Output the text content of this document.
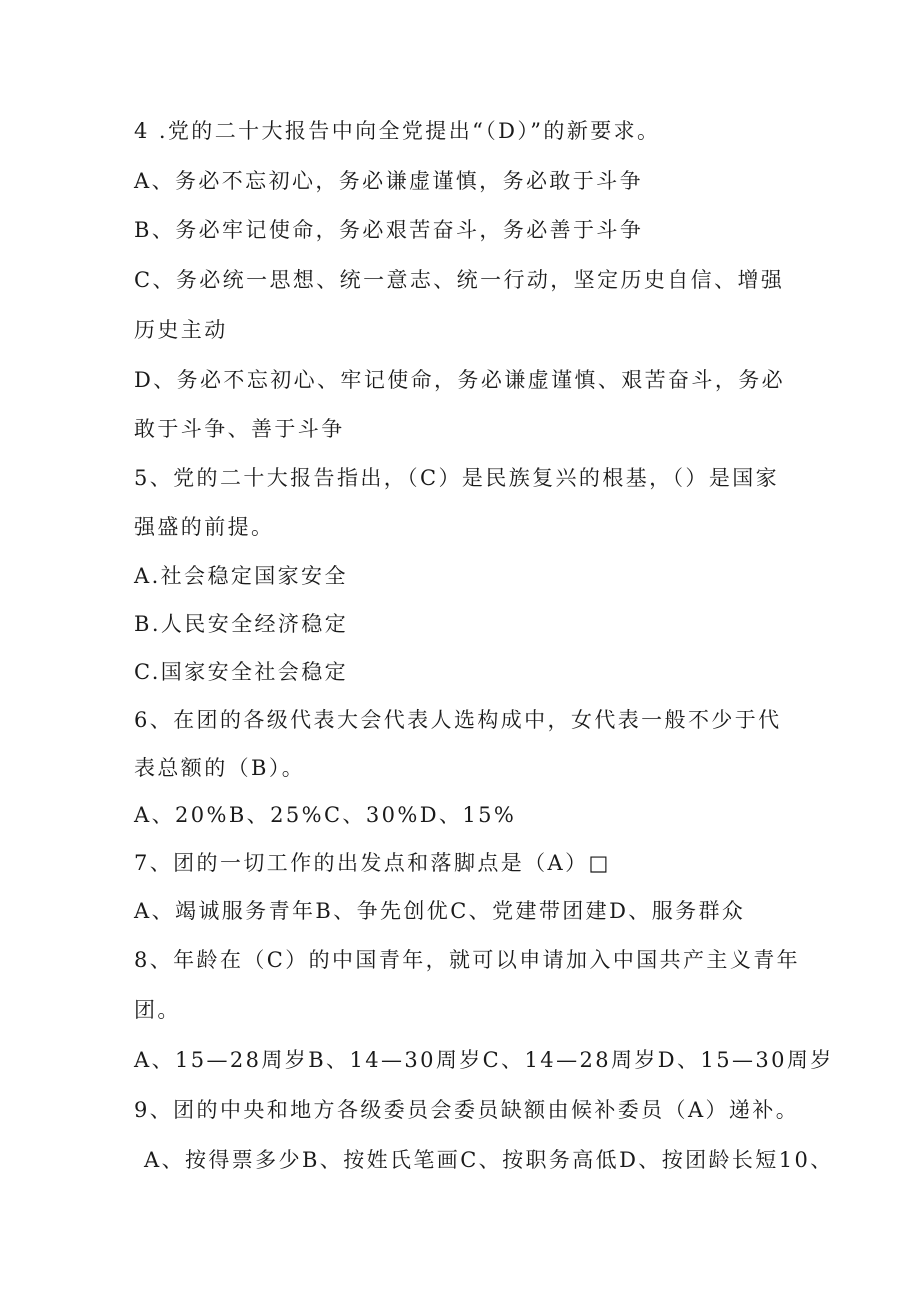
4 .党的二十大报告中向全党提出“（D）”的新要求。
A、务必不忘初心，务必谦虚谨慎，务必敢于斗争
B、务必牢记使命，务必艰苦奋斗，务必善于斗争
C、务必统一思想、统一意志、统一行动，坚定历史自信、增强
历史主动
D、务必不忘初心、牢记使命，务必谦虚谨慎、艰苦奋斗，务必
敢于斗争、善于斗争
5、党的二十大报告指出，（C）是民族复兴的根基，（）是国家
强盛的前提。
A.社会稳定国家安全
B.人民安全经济稳定
C.国家安全社会稳定
6、在团的各级代表大会代表人选构成中，女代表一般不少于代
表总额的（B）。
A、20%B、25%C、30%D、15%
7、团的一切工作的出发点和落脚点是（A）□
A、竭诚服务青年B、争先创优C、党建带团建D、服务群众
8、年龄在（C）的中国青年，就可以申请加入中国共产主义青年
团。
A、15—28周岁B、14—30周岁C、14—28周岁D、15—30周岁
9、团的中央和地方各级委员会委员缺额由候补委员（A）递补。
A、按得票多少B、按姓氏笔画C、按职务高低D、按团龄长短10、
